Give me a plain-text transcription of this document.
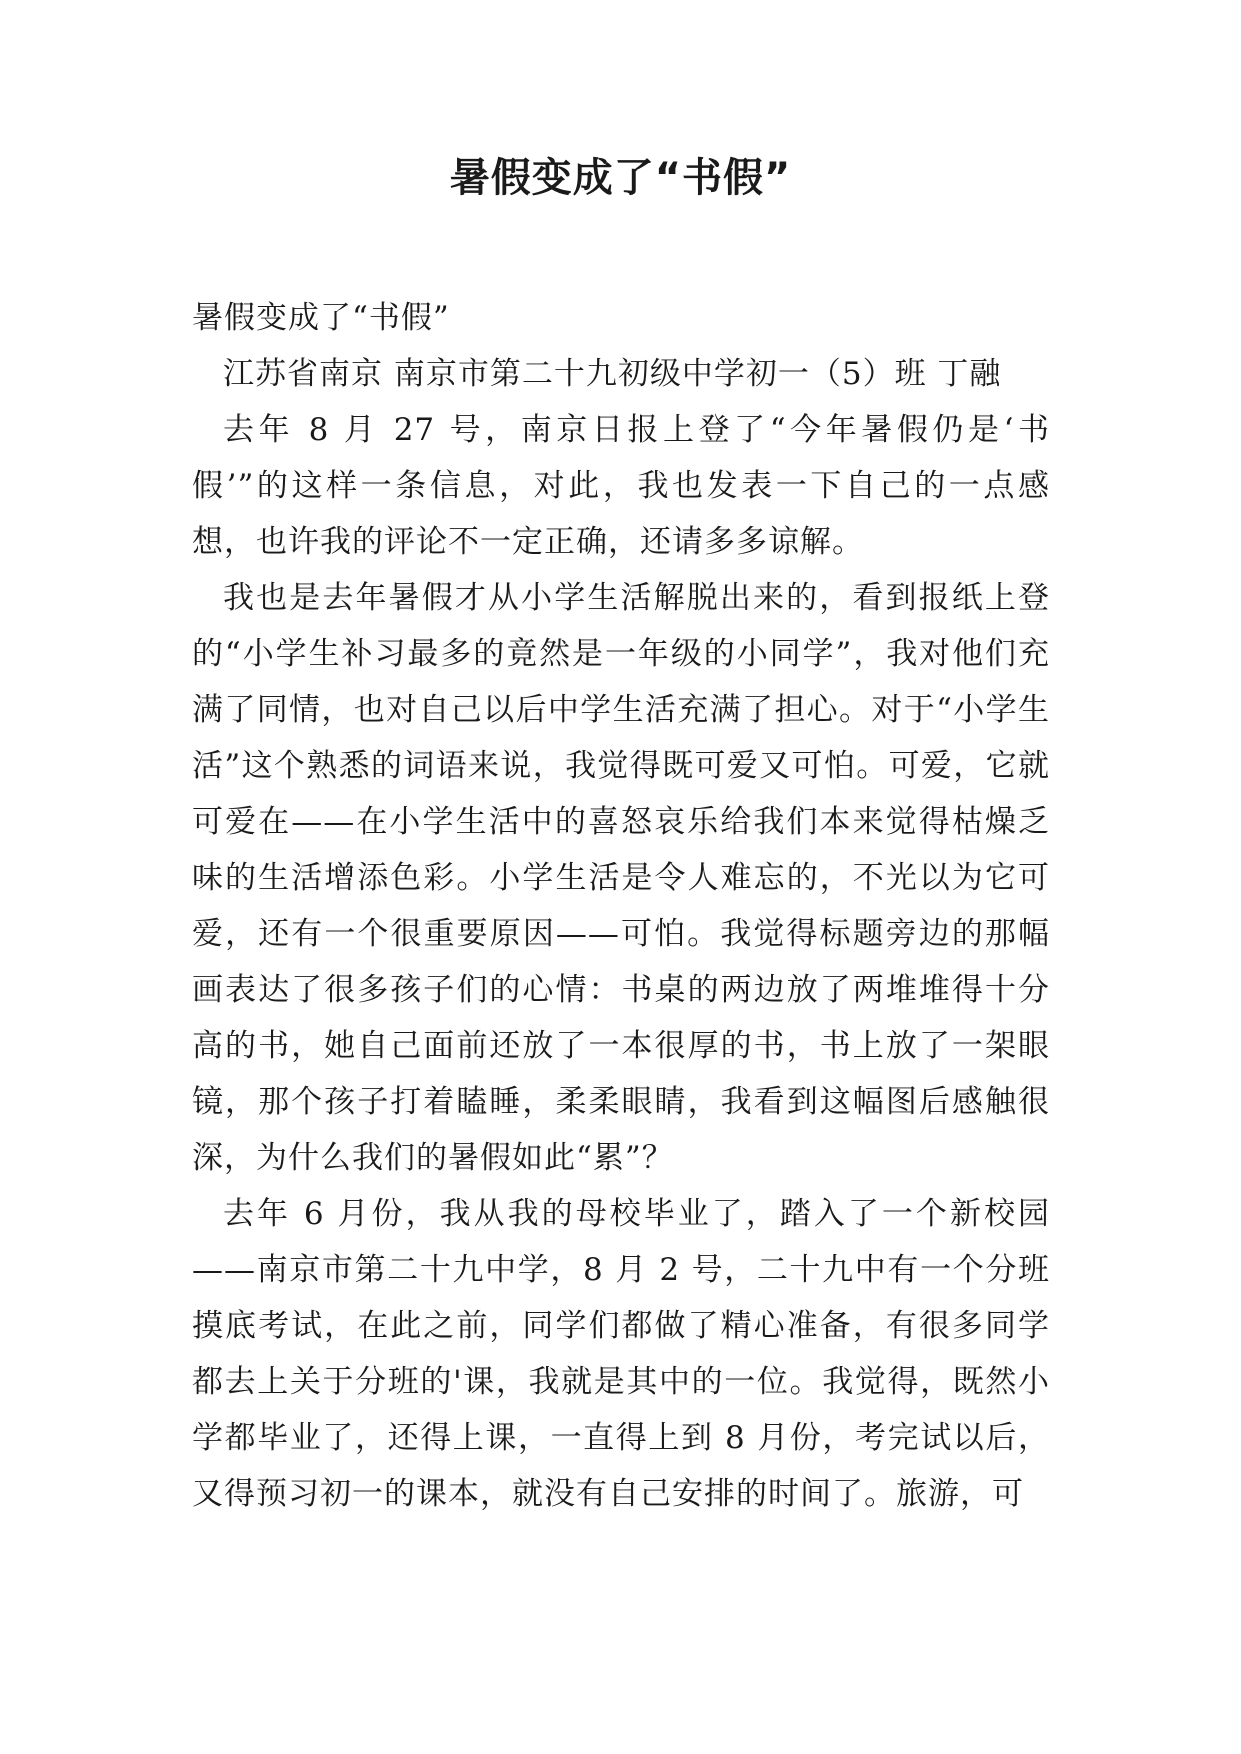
暑假变成了“书假”

暑假变成了“书假”

江苏省南京 南京市第二十九初级中学初一（5）班 丁融

去年 8 月 27 号，南京日报上登了“今年暑假仍是‘书假’”的这样一条信息，对此，我也发表一下自己的一点感想，也许我的评论不一定正确，还请多多谅解。

我也是去年暑假才从小学生活解脱出来的，看到报纸上登的“小学生补习最多的竟然是一年级的小同学”，我对他们充满了同情，也对自己以后中学生活充满了担心。对于“小学生活”这个熟悉的词语来说，我觉得既可爱又可怕。可爱，它就可爱在——在小学生活中的喜怒哀乐给我们本来觉得枯燥乏味的生活增添色彩。小学生活是令人难忘的，不光以为它可爱，还有一个很重要原因——可怕。我觉得标题旁边的那幅画表达了很多孩子们的心情：书桌的两边放了两堆堆得十分高的书，她自己面前还放了一本很厚的书，书上放了一架眼镜，那个孩子打着瞌睡，柔柔眼睛，我看到这幅图后感触很深，为什么我们的暑假如此“累”？

去年 6 月份，我从我的母校毕业了，踏入了一个新校园——南京市第二十九中学，8 月 2 号，二十九中有一个分班摸底考试，在此之前，同学们都做了精心准备，有很多同学都去上关于分班的'课，我就是其中的一位。我觉得，既然小学都毕业了，还得上课，一直得上到 8 月份，考完试以后，又得预习初一的课本，就没有自己安排的时间了。旅游，可
